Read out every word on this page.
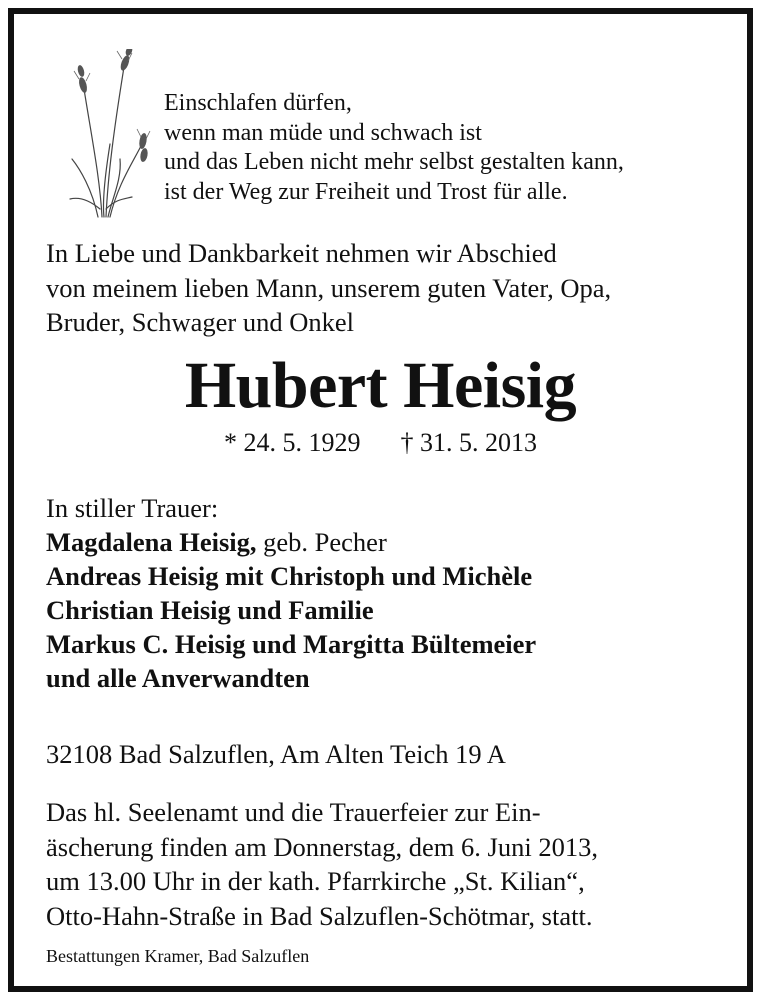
Einschlafen dürfen,
wenn man müde und schwach ist
und das Leben nicht mehr selbst gestalten kann,
ist der Weg zur Freiheit und Trost für alle.
In Liebe und Dankbarkeit nehmen wir Abschied
von meinem lieben Mann, unserem guten Vater, Opa,
Bruder, Schwager und Onkel
Hubert Heisig
* 24. 5. 1929 † 31. 5. 2013
In stiller Trauer:
Magdalena Heisig, geb. Pecher
Andreas Heisig mit Christoph und Michèle
Christian Heisig und Familie
Markus C. Heisig und Margitta Bültemeier
und alle Anverwandten
32108 Bad Salzuflen, Am Alten Teich 19 A
Das hl. Seelenamt und die Trauerfeier zur Ein-
äscherung finden am Donnerstag, dem 6. Juni 2013,
um 13.00 Uhr in der kath. Pfarrkirche „St. Kilian“,
Otto-Hahn-Straße in Bad Salzuflen-Schötmar, statt.
Bestattungen Kramer, Bad Salzuflen
